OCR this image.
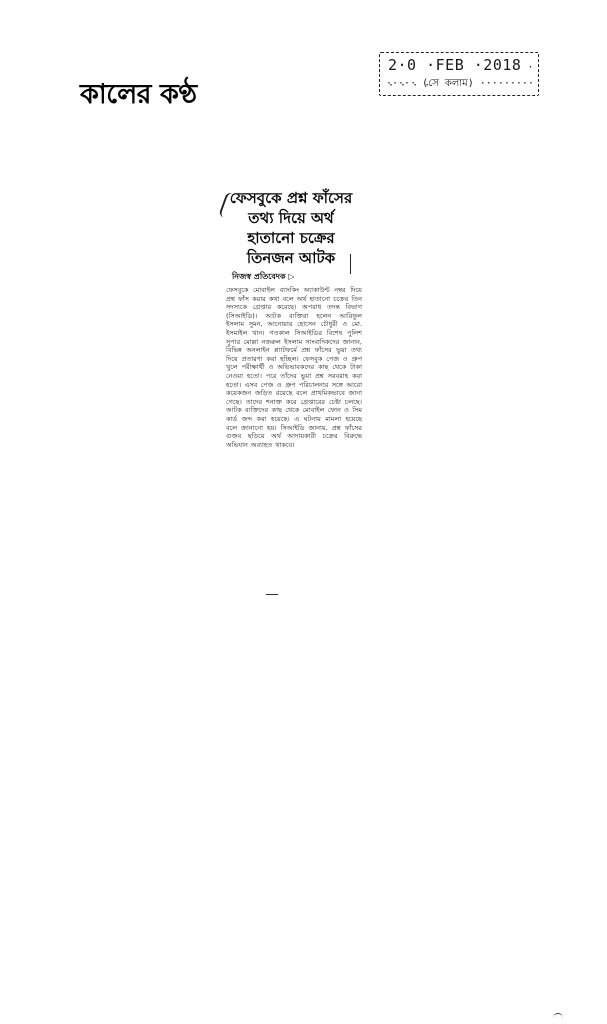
কালের কণ্ঠ
2·0 ·FEB ·2018 · · ·
····· (সে কলাম) ·········
ফেসবুকে প্রশ্ন ফাঁসের
তথ্য দিয়ে অর্থ
হাতানো চক্রের
তিনজন আটক
নিজস্ব প্রতিবেদক ▷
ফেসবুকে মোবাইল ব্যাংকিং অ্যাকাউন্ট নম্বর দিয়ে প্রশ্ন ফাঁস করার কথা বলে অর্থ হাতানো চক্রের তিন সদস্যকে গ্রেপ্তার করেছে। অপরাধ তদন্ত বিভাগ (সিআইডি)। আটক ব্যক্তিরা হলেন আরিফুল ইসলাম সুমন, আনোয়ার হোসেন চৌধুরী ও মো. ইসমাইল খান। গতকাল সিআইডির বিশেষ পুলিশ সুপার মোল্লা নজরুল ইসলাম সাংবাদিকদের জানান, বিভিন্ন অনলাইন প্ল্যাটফর্মে প্রশ্ন ফাঁসের ভুয়া তথ্য দিয়ে প্রতারণা করা হচ্ছিল। ফেসবুক পেজ ও গ্রুপ খুলে পরীক্ষার্থী ও অভিভাবকদের কাছ থেকে টাকা নেওয়া হতো। পরে তাঁদের ভুয়া প্রশ্ন সরবরাহ করা হতো। এসব পেজ ও গ্রুপ পরিচালনার সঙ্গে আরো কয়েকজন জড়িত রয়েছে বলে প্রাথমিকভাবে জানা গেছে। তাদের শনাক্ত করে গ্রেপ্তারের চেষ্টা চলছে। আটক ব্যক্তিদের কাছ থেকে মোবাইল ফোন ও সিম কার্ড জব্দ করা হয়েছে। এ ঘটনায় মামলা হয়েছে বলে জানানো হয়। সিআইডি জানায়, প্রশ্ন ফাঁসের গুজব ছড়িয়ে অর্থ আদায়কারী চক্রের বিরুদ্ধে অভিযান অব্যাহত থাকবে।
